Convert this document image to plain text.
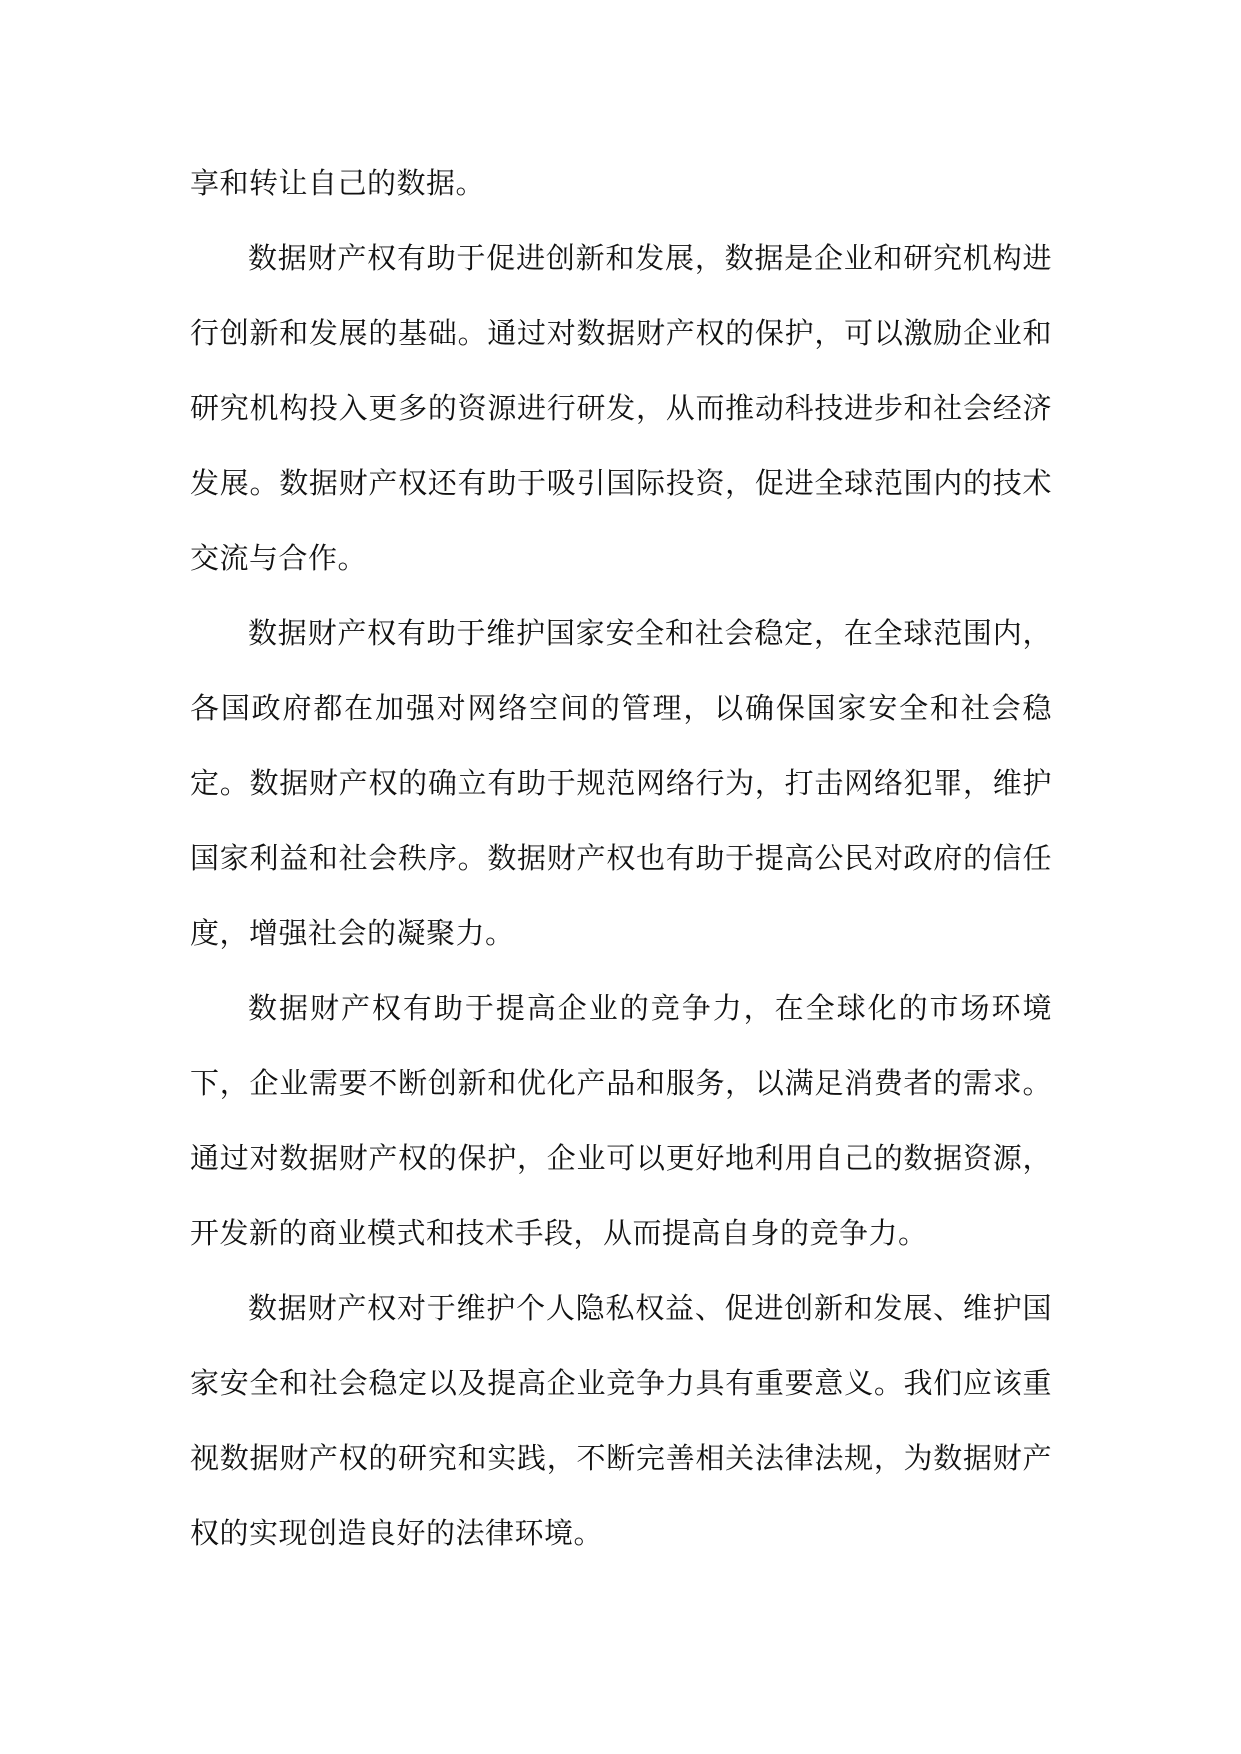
享和转让自己的数据。

数据财产权有助于促进创新和发展，数据是企业和研究机构进行创新和发展的基础。通过对数据财产权的保护，可以激励企业和研究机构投入更多的资源进行研发，从而推动科技进步和社会经济发展。数据财产权还有助于吸引国际投资，促进全球范围内的技术交流与合作。

数据财产权有助于维护国家安全和社会稳定，在全球范围内，各国政府都在加强对网络空间的管理，以确保国家安全和社会稳定。数据财产权的确立有助于规范网络行为，打击网络犯罪，维护国家利益和社会秩序。数据财产权也有助于提高公民对政府的信任度，增强社会的凝聚力。

数据财产权有助于提高企业的竞争力，在全球化的市场环境下，企业需要不断创新和优化产品和服务，以满足消费者的需求。通过对数据财产权的保护，企业可以更好地利用自己的数据资源，开发新的商业模式和技术手段，从而提高自身的竞争力。

数据财产权对于维护个人隐私权益、促进创新和发展、维护国家安全和社会稳定以及提高企业竞争力具有重要意义。我们应该重视数据财产权的研究和实践，不断完善相关法律法规，为数据财产权的实现创造良好的法律环境。
